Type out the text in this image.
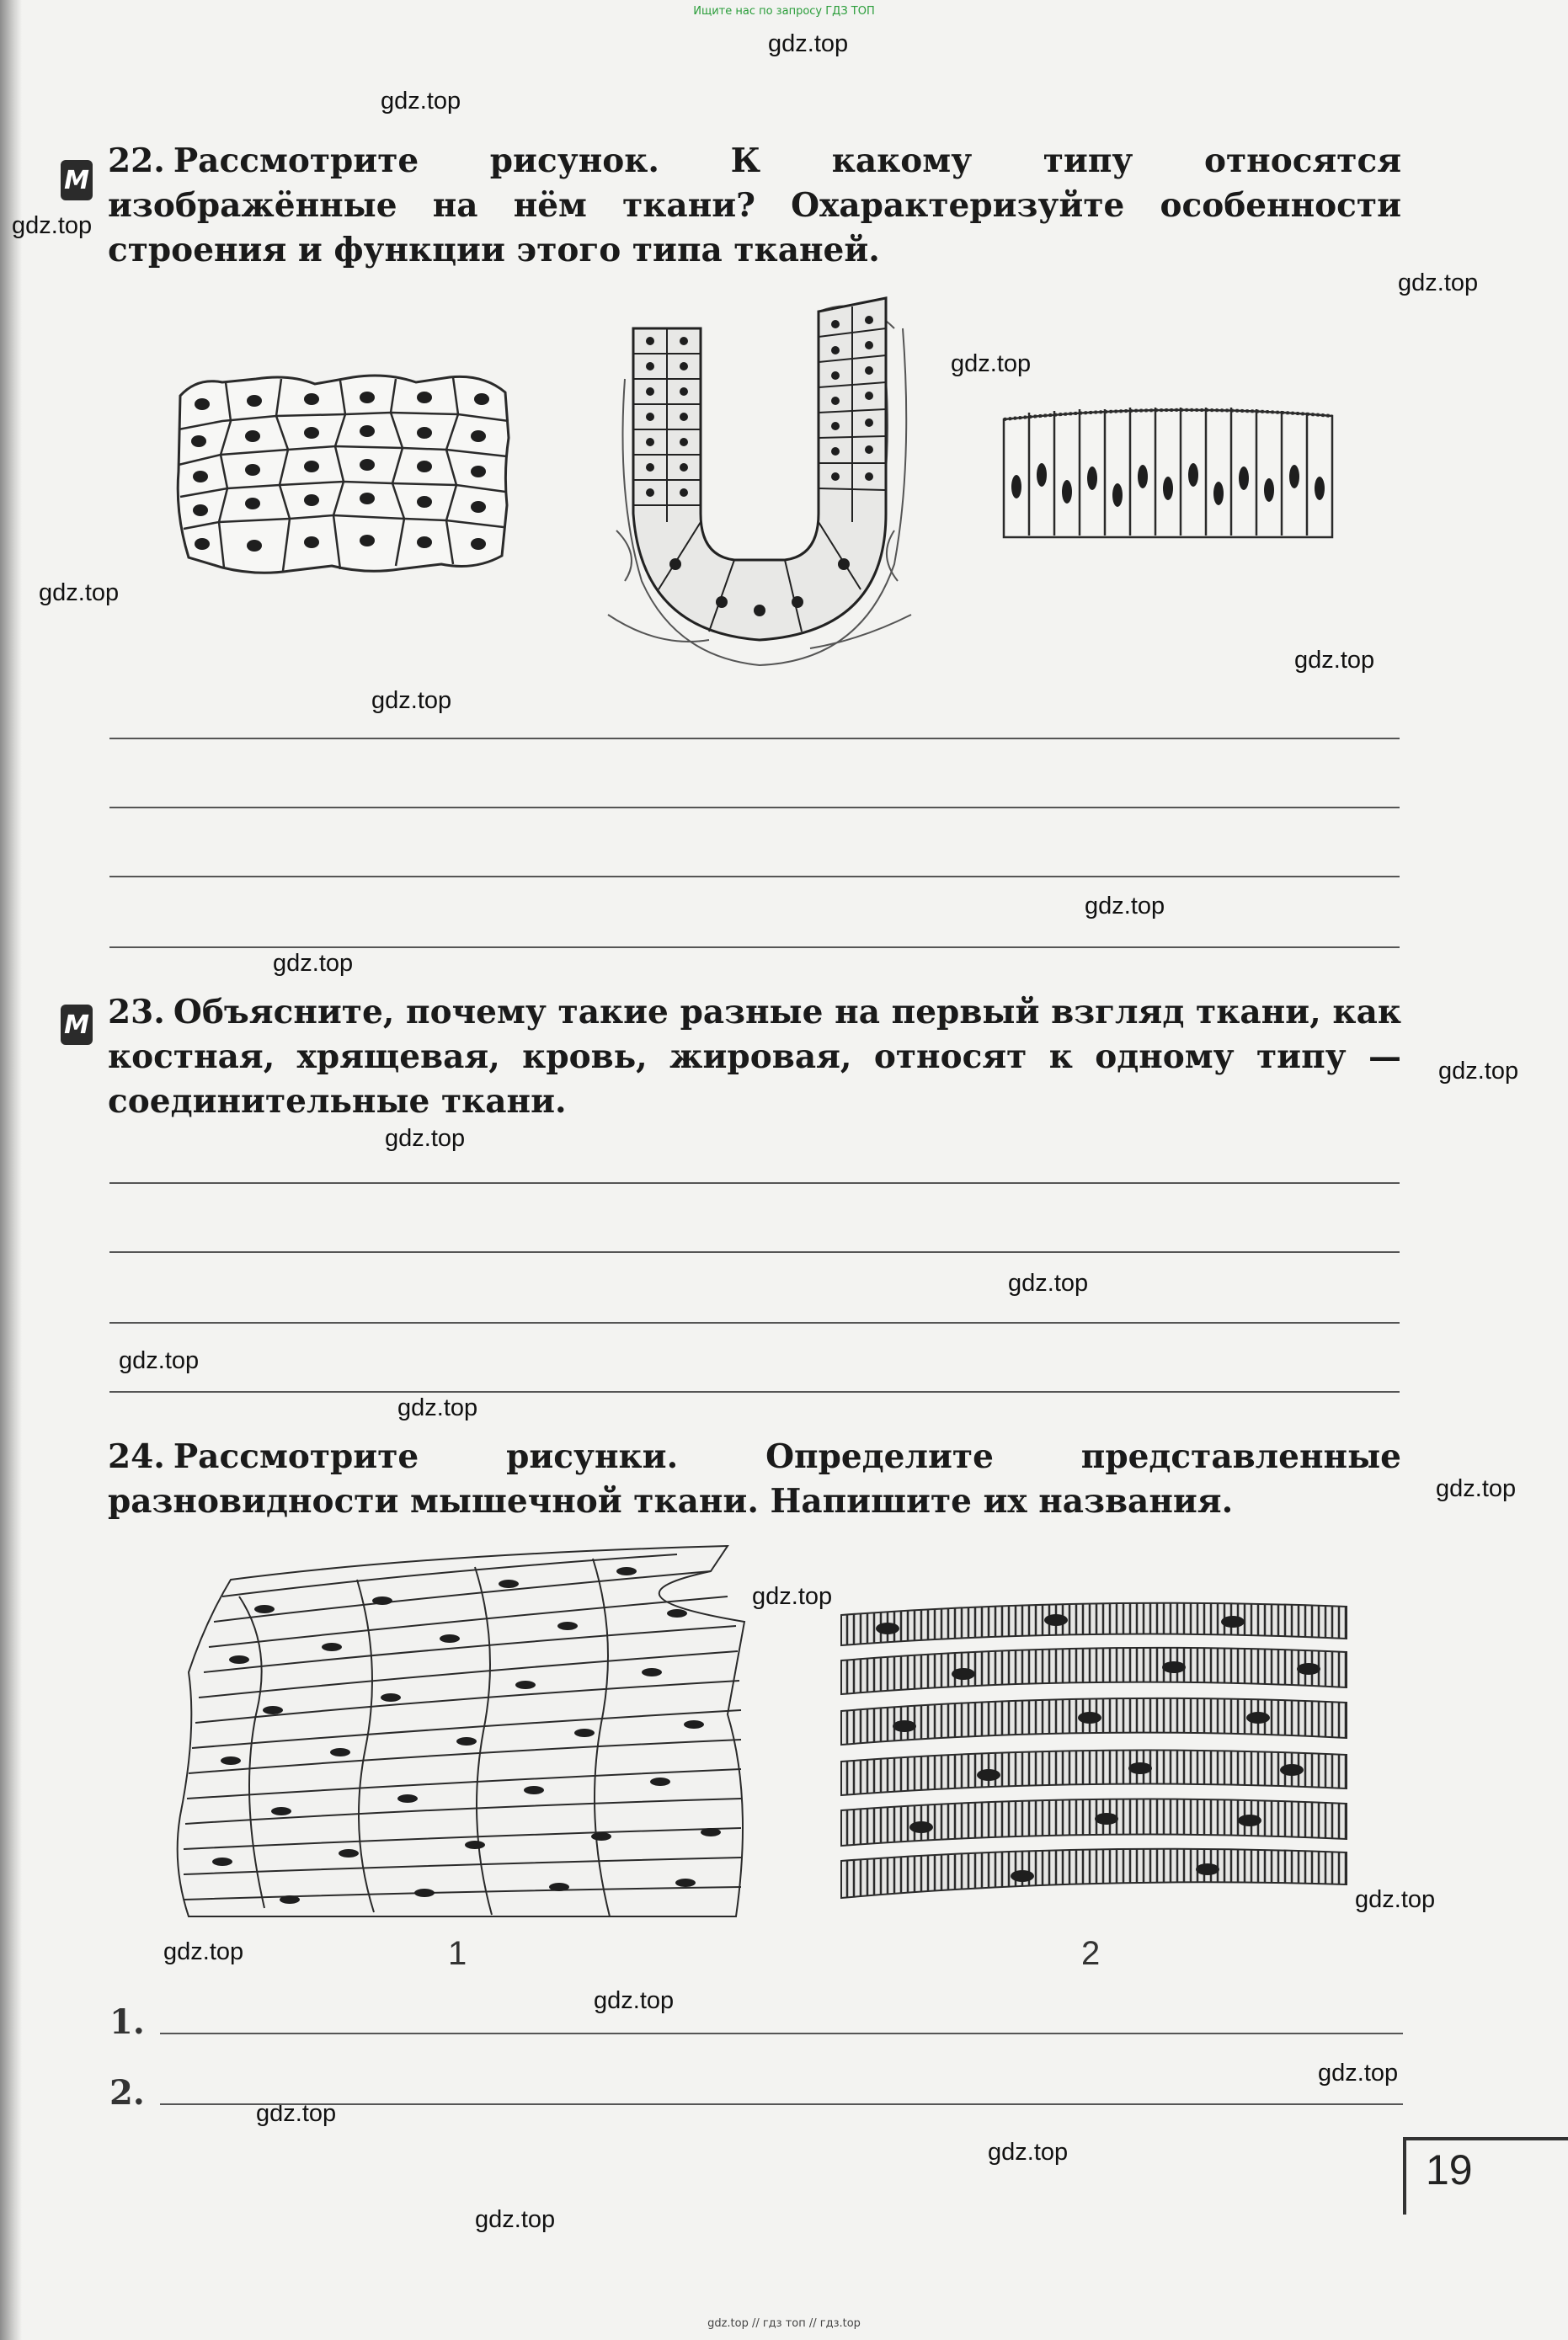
Ищите нас по запросу ГДЗ ТОП
gdz.top
gdz.top
gdz.top
gdz.top
gdz.top
gdz.top
gdz.top
gdz.top
gdz.top
gdz.top
gdz.top
gdz.top
gdz.top
gdz.top
gdz.top
gdz.top
gdz.top
gdz.top
gdz.top
gdz.top
gdz.top
gdz.top
gdz.top
gdz.top
M 22. Рассмотрите рисунок. К какому типу относятся изображённые на нём ткани? Охарактеризуйте особенности строения и функции этого типа тканей.
M 23. Объясните, почему такие разные на первый взгляд ткани, как костная, хрящевая, кровь, жировая, относят к одному типу — соединительные ткани.
24. Рассмотрите рисунки. Определите представленные разновидности мышечной ткани. Напишите их названия.
1	2
1.
2.
19
gdz.top // гдз топ // гдз.top
